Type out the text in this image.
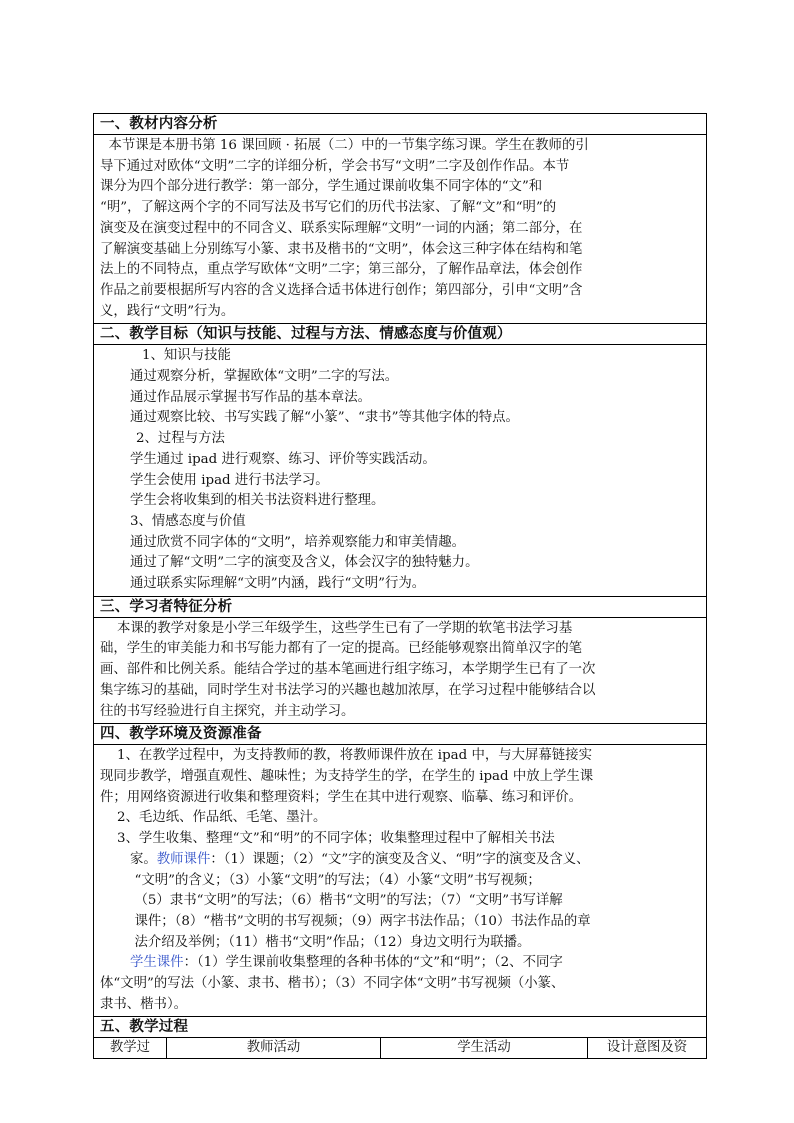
一、教材内容分析
本节课是本册书第 16 课回顾 · 拓展（二）中的一节集字练习课。学生在教师的引
导下通过对欧体“文明”二字的详细分析，学会书写“文明”二字及创作作品。本节
课分为四个部分进行教学：第一部分，学生通过课前收集不同字体的“文”和
“明”，了解这两个字的不同写法及书写它们的历代书法家、了解“文”和“明”的
演变及在演变过程中的不同含义、联系实际理解“文明”一词的内涵；第二部分，在
了解演变基础上分别练写小篆、隶书及楷书的“文明”，体会这三种字体在结构和笔
法上的不同特点，重点学写欧体“文明”二字；第三部分，了解作品章法，体会创作
作品之前要根据所写内容的含义选择合适书体进行创作；第四部分，引申“文明”含
义，践行“文明”行为。
二、教学目标（知识与技能、过程与方法、情感态度与价值观）
1、知识与技能
通过观察分析，掌握欧体“文明”二字的写法。
通过作品展示掌握书写作品的基本章法。
通过观察比较、书写实践了解“小篆”、“隶书”等其他字体的特点。
2、过程与方法
学生通过 ipad 进行观察、练习、评价等实践活动。
学生会使用 ipad 进行书法学习。
学生会将收集到的相关书法资料进行整理。
3、情感态度与价值
通过欣赏不同字体的“文明”，培养观察能力和审美情趣。
通过了解“文明”二字的演变及含义，体会汉字的独特魅力。
通过联系实际理解“文明”内涵，践行“文明”行为。
三、学习者特征分析
本课的教学对象是小学三年级学生，这些学生已有了一学期的软笔书法学习基
础，学生的审美能力和书写能力都有了一定的提高。已经能够观察出简单汉字的笔
画、部件和比例关系。能结合学过的基本笔画进行组字练习，本学期学生已有了一次
集字练习的基础，同时学生对书法学习的兴趣也越加浓厚，在学习过程中能够结合以
往的书写经验进行自主探究，并主动学习。
四、教学环境及资源准备
1、在教学过程中，为支持教师的教，将教师课件放在 ipad 中，与大屏幕链接实
现同步教学，增强直观性、趣味性；为支持学生的学，在学生的 ipad 中放上学生课
件；用网络资源进行收集和整理资料；学生在其中进行观察、临摹、练习和评价。
2、毛边纸、作品纸、毛笔、墨汁。
3、学生收集、整理“文”和“明”的不同字体；收集整理过程中了解相关书法
家。教师课件：（1）课题；（2）“文”字的演变及含义、“明”字的演变及含义、
“文明”的含义；（3）小篆“文明”的写法；（4）小篆“文明”书写视频；
（5）隶书“文明”的写法；（6）楷书“文明”的写法；（7）“文明”书写详解
课件；（8）“楷书”文明的书写视频；（9）两字书法作品；（10）书法作品的章
法介绍及举例；（11）楷书“文明”作品；（12）身边文明行为联播。
学生课件：（1）学生课前收集整理的各种书体的“文”和“明”；（2、不同字
体“文明”的写法（小篆、隶书、楷书）；（3）不同字体“文明”书写视频（小篆、
隶书、楷书）。
五、教学过程
教学过	教师活动	学生活动	设计意图及资
